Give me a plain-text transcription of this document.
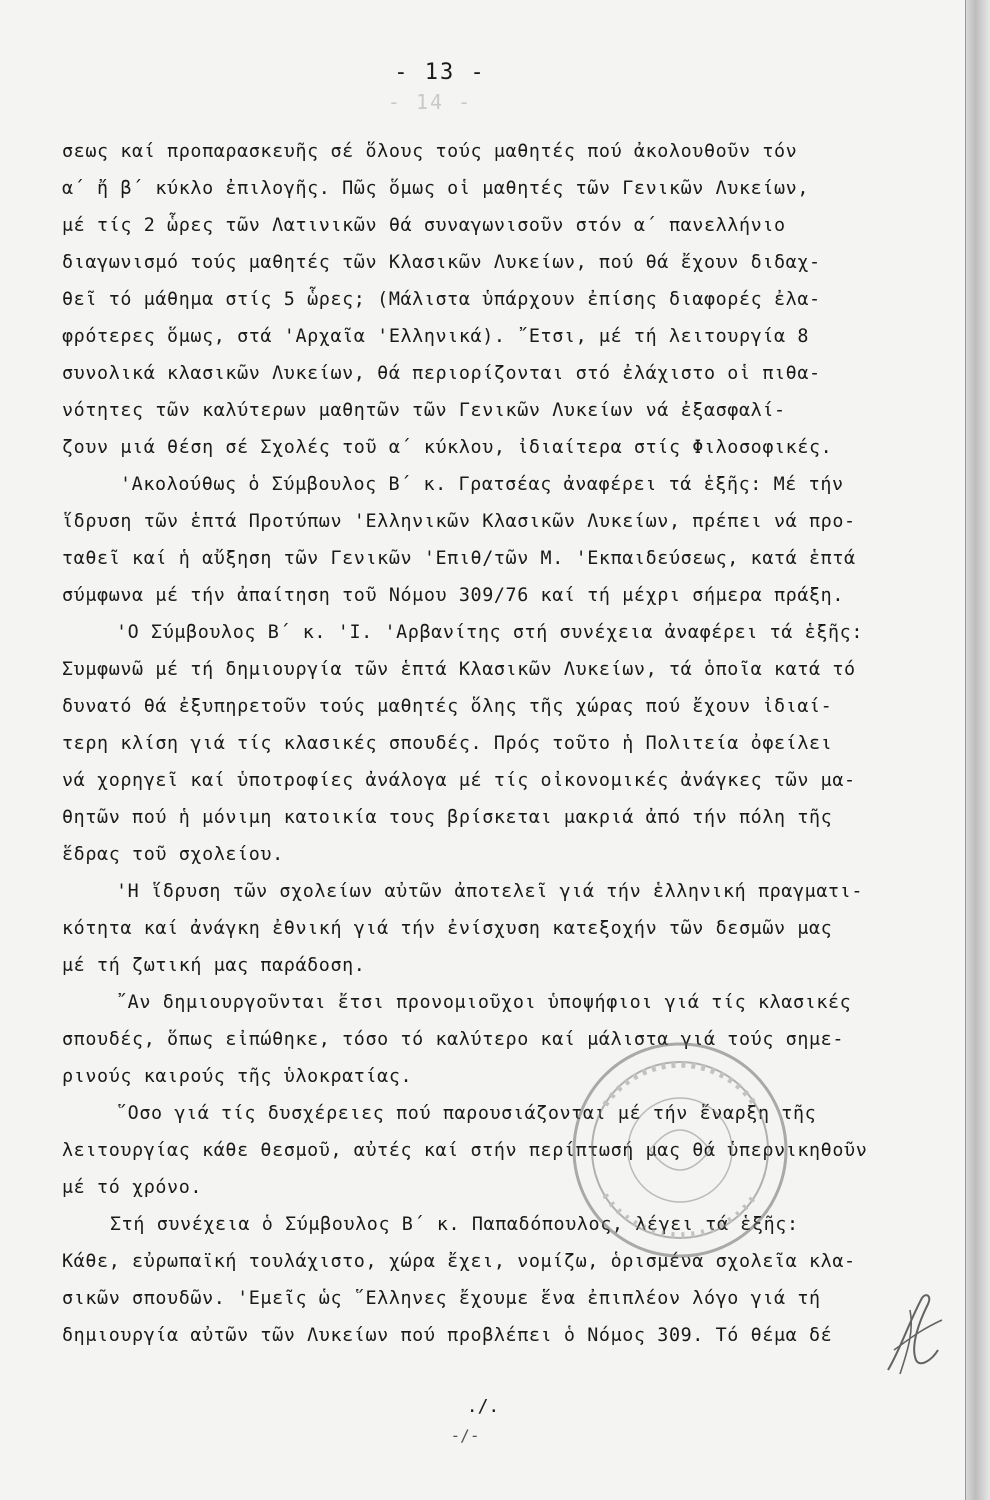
- 14 -
- 13 -
σεως καί προπαρασκευῆς σέ ὅλους τούς μαθητές πού ἀκολουθοῦν τόν
α΄ ἤ β΄ κύκλο ἐπιλογῆς. Πῶς ὅμως οἱ μαθητές τῶν Γενικῶν Λυκείων,
μέ τίς 2 ὧρες τῶν Λατινικῶν θά συναγωνισοῦν στόν α΄ πανελλήνιο
διαγωνισμό τούς μαθητές τῶν Κλασικῶν Λυκείων, πού θά ἔχουν διδαχ-
θεῖ τό μάθημα στίς 5 ὧρες; (Μάλιστα ὑπάρχουν ἐπίσης διαφορές ἐλα-
φρότερες ὅμως, στά 'Αρχαῖα 'Ελληνικά). ῎Ετσι, μέ τή λειτουργία 8
συνολικά κλασικῶν Λυκείων, θά περιορίζονται στό ἐλάχιστο οἱ πιθα-
νότητες τῶν καλύτερων μαθητῶν τῶν Γενικῶν Λυκείων νά ἐξασφαλί-
ζουν μιά θέση σέ Σχολές τοῦ α΄ κύκλου, ἰδιαίτερα στίς Φιλοσοφικές.
'Ακολούθως ὁ Σύμβουλος Β΄ κ. Γρατσέας ἀναφέρει τά ἑξῆς: Μέ τήν
ἵδρυση τῶν ἑπτά Προτύπων 'Ελληνικῶν Κλασικῶν Λυκείων, πρέπει νά προ-
ταθεῖ καί ἡ αὔξηση τῶν Γενικῶν 'Επιθ/τῶν Μ. 'Εκπαιδεύσεως, κατά ἑπτά
σύμφωνα μέ τήν ἀπαίτηση τοῦ Νόμου 309/76 καί τή μέχρι σήμερα πράξη.
'Ο Σύμβουλος Β΄ κ. 'Ι. 'Αρβανίτης στή συνέχεια ἀναφέρει τά ἑξῆς:
Συμφωνῶ μέ τή δημιουργία τῶν ἑπτά Κλασικῶν Λυκείων, τά ὁποῖα κατά τό
δυνατό θά ἐξυπηρετοῦν τούς μαθητές ὅλης τῆς χώρας πού ἔχουν ἰδιαί-
τερη κλίση γιά τίς κλασικές σπουδές. Πρός τοῦτο ἡ Πολιτεία ὀφείλει
νά χορηγεῖ καί ὑποτροφίες ἀνάλογα μέ τίς οἰκονομικές ἀνάγκες τῶν μα-
θητῶν πού ἡ μόνιμη κατοικία τους βρίσκεται μακριά ἀπό τήν πόλη τῆς
ἕδρας τοῦ σχολείου.
'Η ἵδρυση τῶν σχολείων αὐτῶν ἀποτελεῖ γιά τήν ἑλληνική πραγματι-
κότητα καί ἀνάγκη ἐθνική γιά τήν ἐνίσχυση κατεξοχήν τῶν δεσμῶν μας
μέ τή ζωτική μας παράδοση.
῎Αν δημιουργοῦνται ἔτσι προνομιοῦχοι ὑποψήφιοι γιά τίς κλασικές
σπουδές, ὅπως εἰπώθηκε, τόσο τό καλύτερο καί μάλιστα γιά τούς σημε-
ρινούς καιρούς τῆς ὑλοκρατίας.
῞Οσο γιά τίς δυσχέρειες πού παρουσιάζονται μέ τήν ἔναρξη τῆς
λειτουργίας κάθε θεσμοῦ, αὐτές καί στήν περίπτωσή μας θά ὑπερνικηθοῦν
μέ τό χρόνο.
Στή συνέχεια ὁ Σύμβουλος Β΄ κ. Παπαδόπουλος, λέγει τά ἑξῆς:
Κάθε, εὐρωπαϊκή τουλάχιστο, χώρα ἔχει, νομίζω, ὁρισμένα σχολεῖα κλα-
σικῶν σπουδῶν. 'Εμεῖς ὡς ῞Ελληνες ἔχουμε ἕνα ἐπιπλέον λόγο γιά τή
δημιουργία αὐτῶν τῶν Λυκείων πού προβλέπει ὁ Νόμος 309. Τό θέμα δέ
./.
-/-
